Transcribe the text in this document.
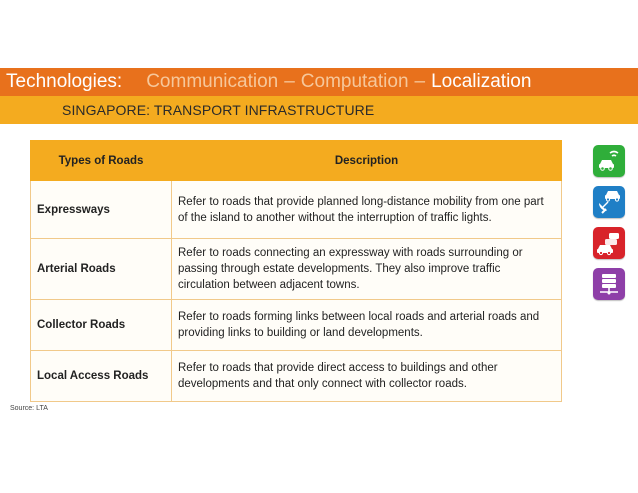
Technologies: Communication – Computation – Localization
SINGAPORE: TRANSPORT INFRASTRUCTURE
Types of Roads	Description
Expressways	Refer to roads that provide planned long-distance mobility from one part of the island to another without the interruption of traffic lights.
Arterial Roads	Refer to roads connecting an expressway with roads surrounding or passing through estate developments. They also improve traffic circulation between adjacent towns.
Collector Roads	Refer to roads forming links between local roads and arterial roads and providing links to building or land developments.
Local Access Roads	Refer to roads that provide direct access to buildings and other developments and that only connect with collector roads.
Source: LTA
